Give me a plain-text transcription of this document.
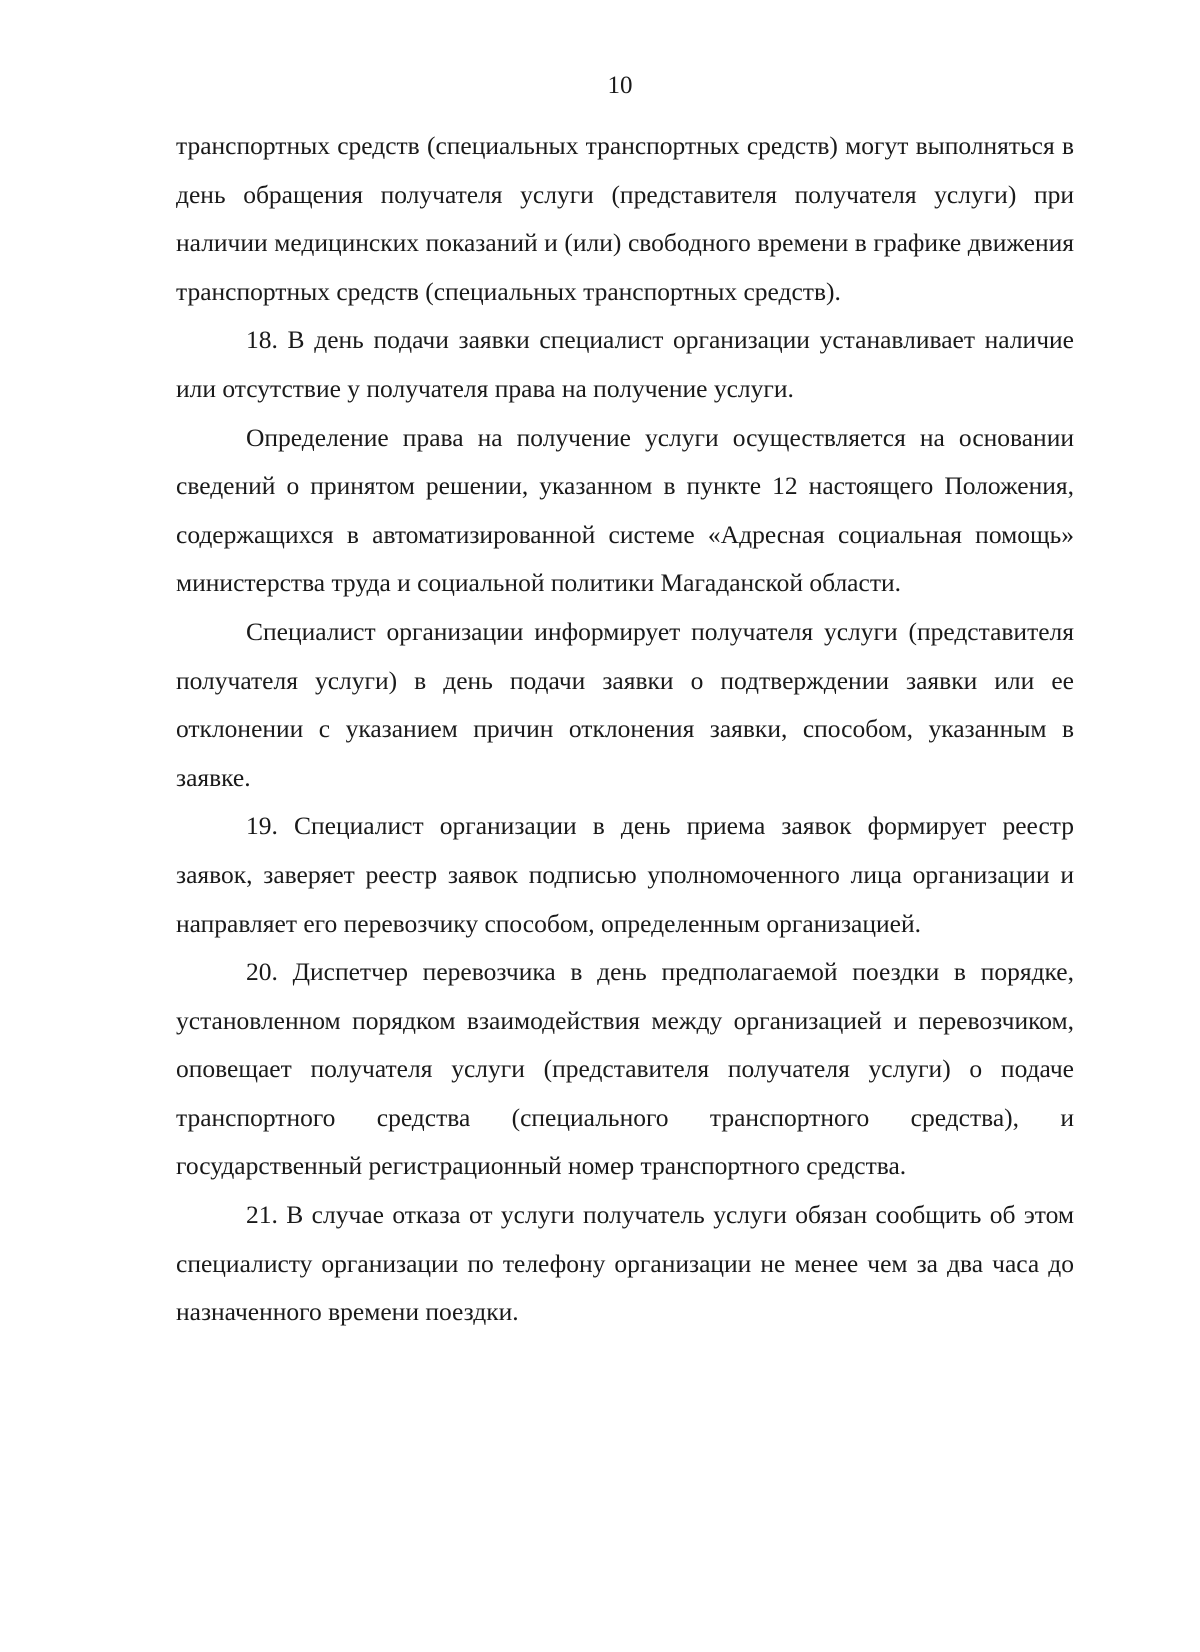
10

транспортных средств (специальных транспортных средств) могут выполняться в день обращения получателя услуги (представителя получателя услуги) при наличии медицинских показаний и (или) свободного времени в графике движения транспортных средств (специальных транспортных средств).

18. В день подачи заявки специалист организации устанавливает наличие или отсутствие у получателя права на получение услуги.

Определение права на получение услуги осуществляется на основании сведений о принятом решении, указанном в пункте 12 настоящего Положения, содержащихся в автоматизированной системе «Адресная социальная помощь» министерства труда и социальной политики Магаданской области.

Специалист организации информирует получателя услуги (представителя получателя услуги) в день подачи заявки о подтверждении заявки или ее отклонении с указанием причин отклонения заявки, способом, указанным в заявке.

19. Специалист организации в день приема заявок формирует реестр заявок, заверяет реестр заявок подписью уполномоченного лица организации и направляет его перевозчику способом, определенным организацией.

20. Диспетчер перевозчика в день предполагаемой поездки в порядке, установленном порядком взаимодействия между организацией и перевозчиком, оповещает получателя услуги (представителя получателя услуги) о подаче транспортного средства (специального транспортного средства), и государственный регистрационный номер транспортного средства.

21. В случае отказа от услуги получатель услуги обязан сообщить об этом специалисту организации по телефону организации не менее чем за два часа до назначенного времени поездки.
